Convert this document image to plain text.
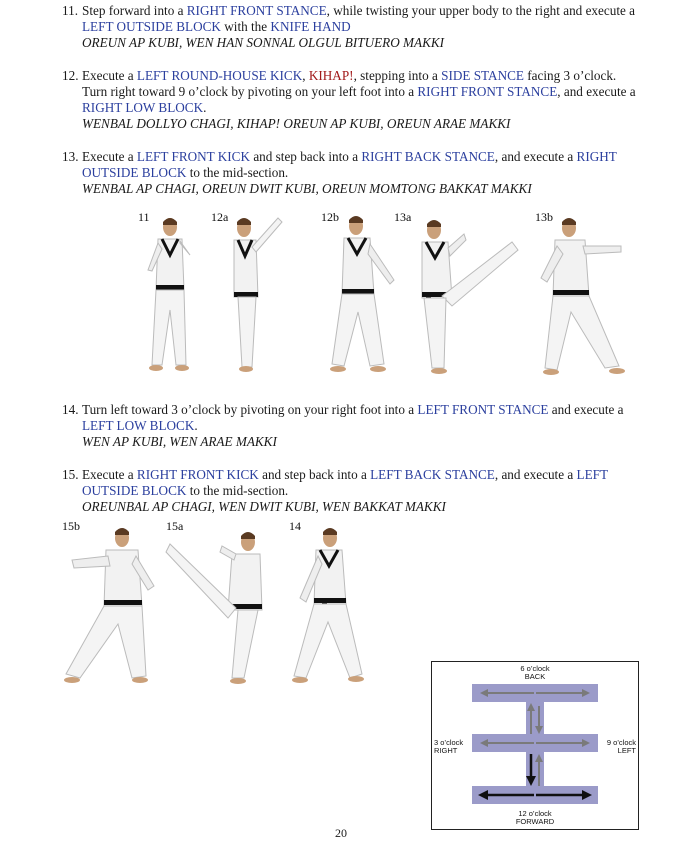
11. Step forward into a RIGHT FRONT STANCE, while twisting your upper body to the right and execute a LEFT OUTSIDE BLOCK with the KNIFE HAND
OREUN AP KUBI, WEN HAN SONNAL OLGUL BITUERO MAKKI
12. Execute a LEFT ROUND-HOUSE KICK, KIHAP!, stepping into a SIDE STANCE facing 3 o’clock. Turn right toward 9 o’clock by pivoting on your left foot into a RIGHT FRONT STANCE, and execute a RIGHT LOW BLOCK.
WENBAL DOLLYO CHAGI, KIHAP! OREUN AP KUBI, OREUN ARAE MAKKI
13. Execute a LEFT FRONT KICK and step back into a RIGHT BACK STANCE, and execute a RIGHT OUTSIDE BLOCK to the mid-section.
WENBAL AP CHAGI, OREUN DWIT KUBI, OREUN MOMTONG BAKKAT MAKKI
14. Turn left toward 3 o’clock by pivoting on your right foot into a LEFT FRONT STANCE and execute a LEFT LOW BLOCK.
WEN AP KUBI, WEN ARAE MAKKI
15. Execute a RIGHT FRONT KICK and step back into a LEFT BACK STANCE, and execute a LEFT OUTSIDE BLOCK to the mid-section.
OREUNBAL AP CHAGI, WEN DWIT KUBI, WEN BAKKAT MAKKI
11	12a	12b	13a	13b
15b	15a	14
6 o’clock
BACK
3 o’clock
RIGHT
9 o’clock
LEFT
12 o’clock
FORWARD
20
